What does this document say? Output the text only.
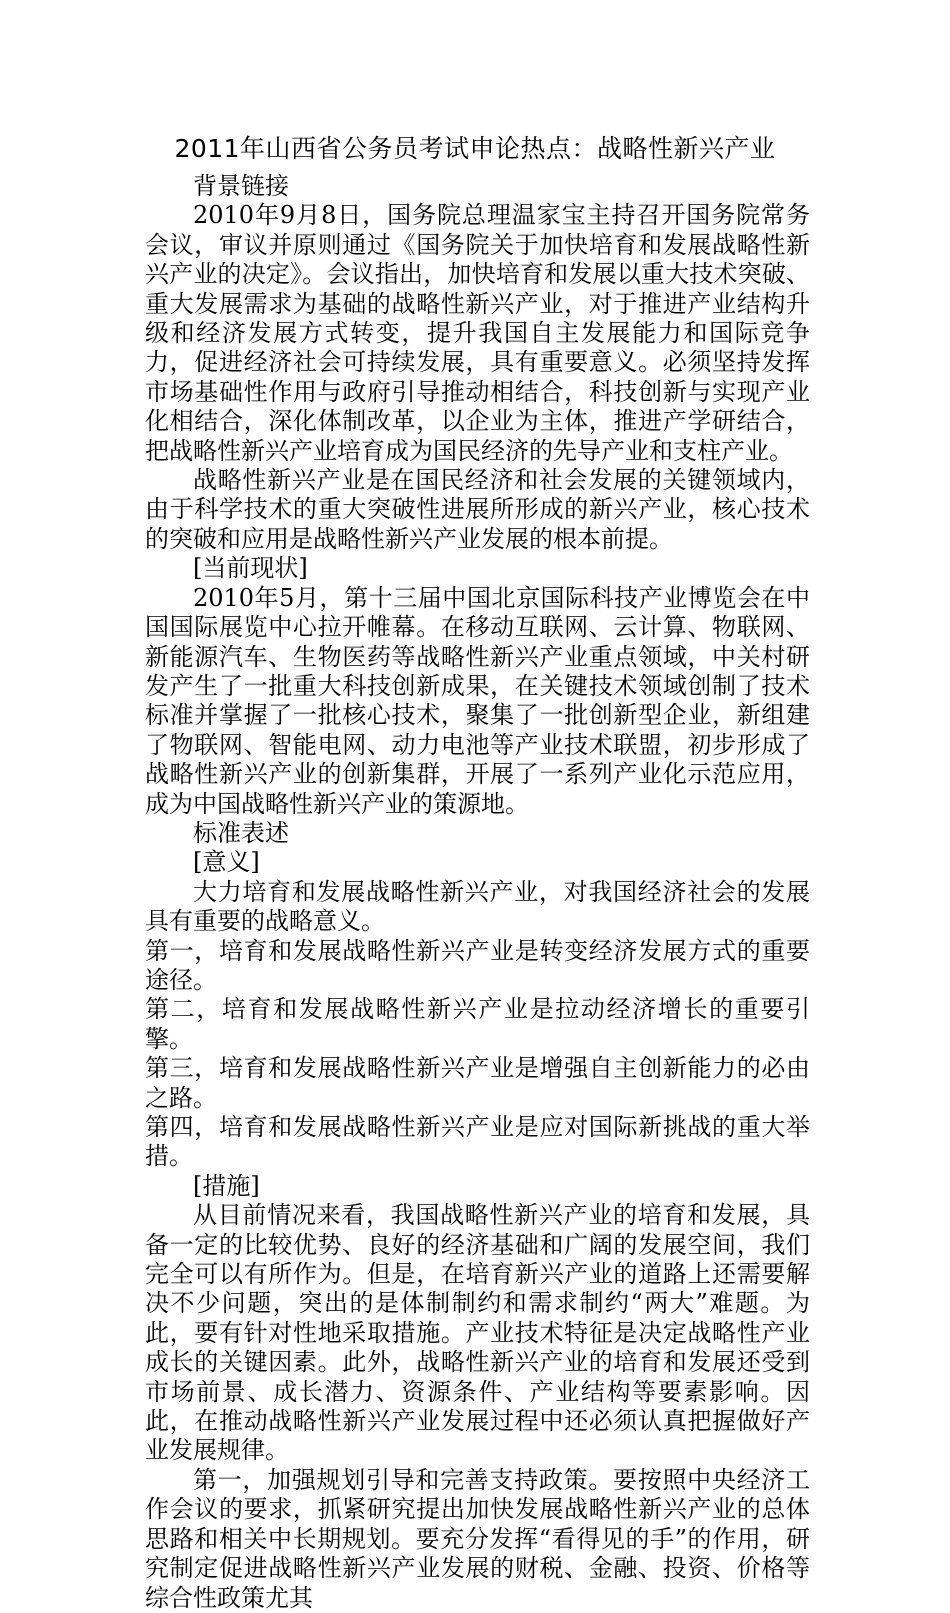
2011年山西省公务员考试申论热点：战略性新兴产业

背景链接

2010年9月8日，国务院总理温家宝主持召开国务院常务会议，审议并原则通过《国务院关于加快培育和发展战略性新兴产业的决定》。会议指出，加快培育和发展以重大技术突破、重大发展需求为基础的战略性新兴产业，对于推进产业结构升级和经济发展方式转变，提升我国自主发展能力和国际竞争力，促进经济社会可持续发展，具有重要意义。必须坚持发挥市场基础性作用与政府引导推动相结合，科技创新与实现产业化相结合，深化体制改革，以企业为主体，推进产学研结合，把战略性新兴产业培育成为国民经济的先导产业和支柱产业。

战略性新兴产业是在国民经济和社会发展的关键领域内，由于科学技术的重大突破性进展所形成的新兴产业，核心技术的突破和应用是战略性新兴产业发展的根本前提。

[当前现状]

2010年5月，第十三届中国北京国际科技产业博览会在中国国际展览中心拉开帷幕。在移动互联网、云计算、物联网、新能源汽车、生物医药等战略性新兴产业重点领域，中关村研发产生了一批重大科技创新成果，在关键技术领域创制了技术标准并掌握了一批核心技术，聚集了一批创新型企业，新组建了物联网、智能电网、动力电池等产业技术联盟，初步形成了战略性新兴产业的创新集群，开展了一系列产业化示范应用，成为中国战略性新兴产业的策源地。

标准表述

[意义]

大力培育和发展战略性新兴产业，对我国经济社会的发展具有重要的战略意义。

第一，培育和发展战略性新兴产业是转变经济发展方式的重要途径。

第二，培育和发展战略性新兴产业是拉动经济增长的重要引擎。

第三，培育和发展战略性新兴产业是增强自主创新能力的必由之路。

第四，培育和发展战略性新兴产业是应对国际新挑战的重大举措。

[措施]

从目前情况来看，我国战略性新兴产业的培育和发展，具备一定的比较优势、良好的经济基础和广阔的发展空间，我们完全可以有所作为。但是，在培育新兴产业的道路上还需要解决不少问题，突出的是体制制约和需求制约“两大”难题。为此，要有针对性地采取措施。产业技术特征是决定战略性产业成长的关键因素。此外，战略性新兴产业的培育和发展还受到市场前景、成长潜力、资源条件、产业结构等要素影响。因此，在推动战略性新兴产业发展过程中还必须认真把握做好产业发展规律。

第一，加强规划引导和完善支持政策。要按照中央经济工作会议的要求，抓紧研究提出加快发展战略性新兴产业的总体思路和相关中长期规划。要充分发挥“看得见的手”的作用，研究制定促进战略性新兴产业发展的财税、金融、投资、价格等综合性政策尤其
